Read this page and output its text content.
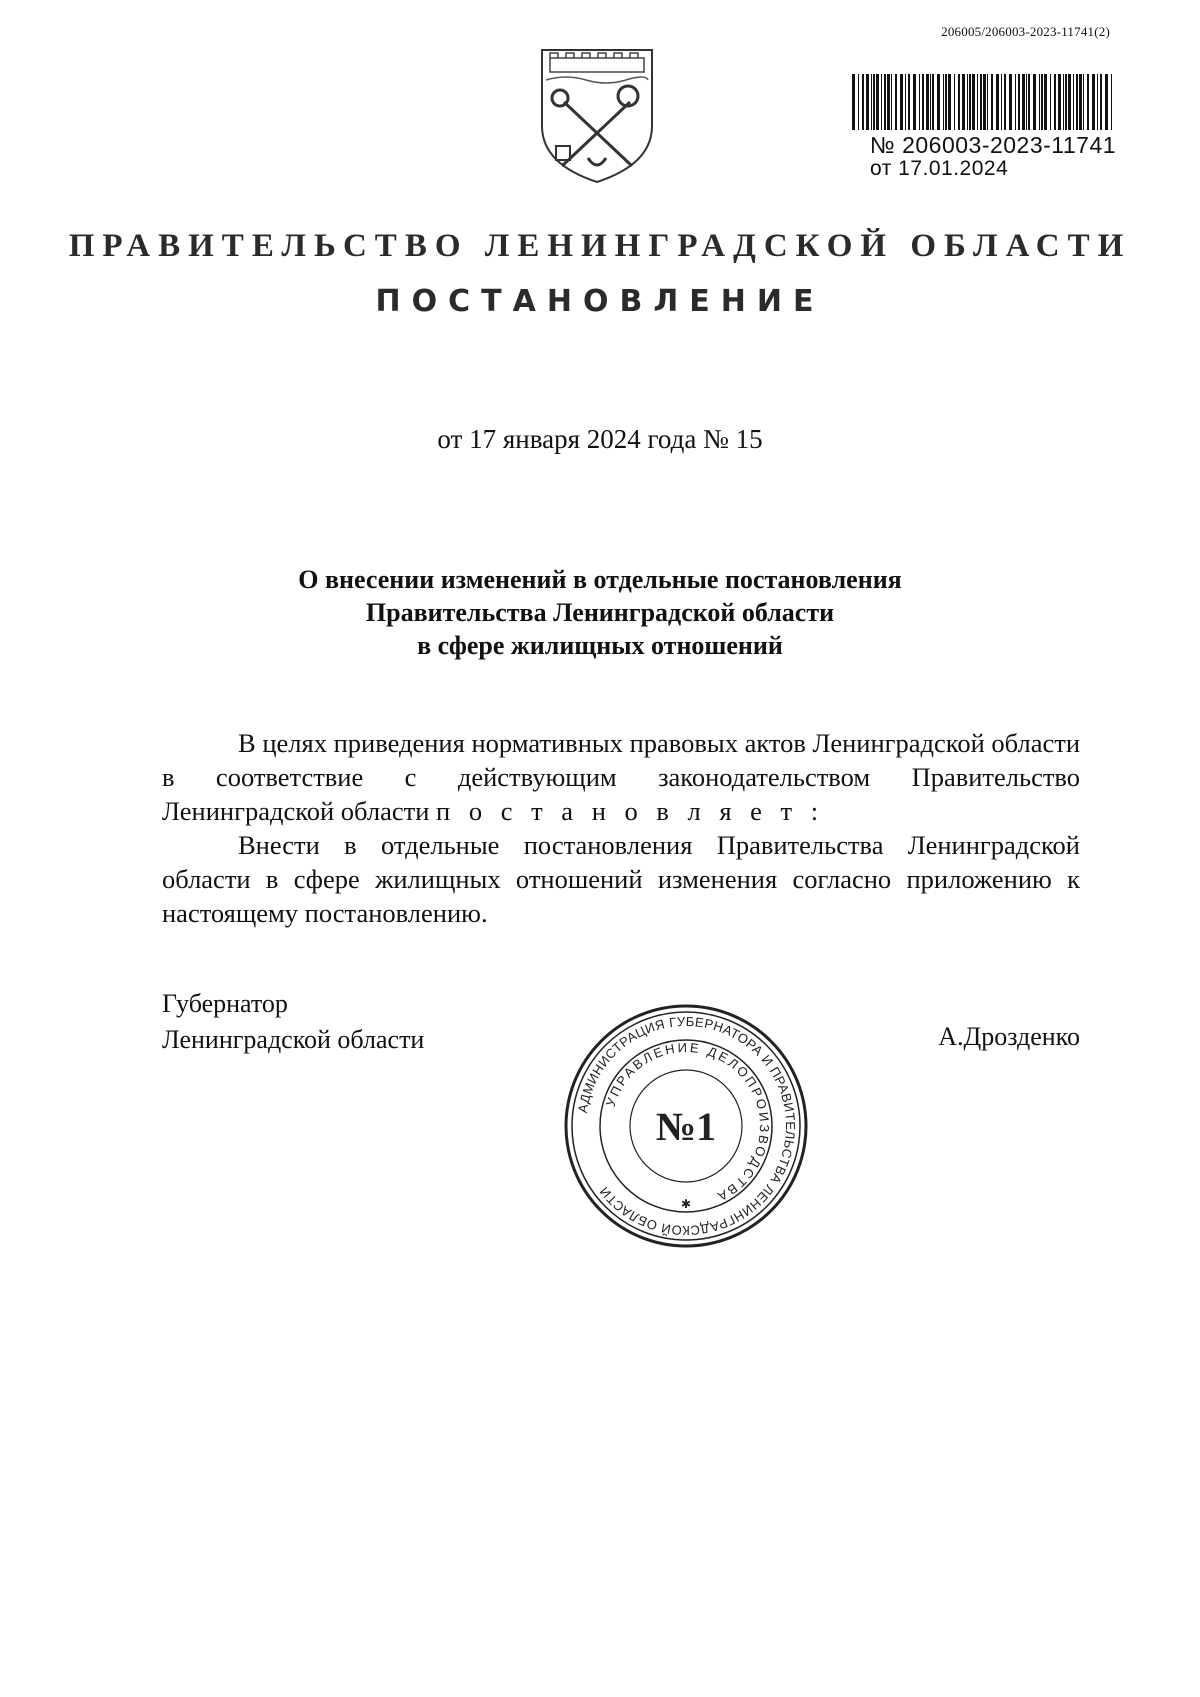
206005/206003-2023-11741(2)
№ 206003-2023-11741
от 17.01.2024
ПРАВИТЕЛЬСТВО ЛЕНИНГРАДСКОЙ ОБЛАСТИ
ПОСТАНОВЛЕНИЕ
от 17 января 2024 года № 15
О внесении изменений в отдельные постановления
Правительства Ленинградской области
в сфере жилищных отношений

В целях приведения нормативных правовых актов Ленинградской области в соответствие с действующим законодательством Правительство Ленинградской области п о с т а н о в л я е т :

Внести в отдельные постановления Правительства Ленинградской области в сфере жилищных отношений изменения согласно приложению к настоящему постановлению.

Губернатор
Ленинградской области	А.Дрозденко
АДМИНИСТРАЦИЯ ГУБЕРНАТОРА И ПРАВИТЕЛЬСТВА ЛЕНИНГРАДСКОЙ ОБЛАСТИ
УПРАВЛЕНИЕ ДЕЛОПРОИЗВОДСТВА
№1
✱
